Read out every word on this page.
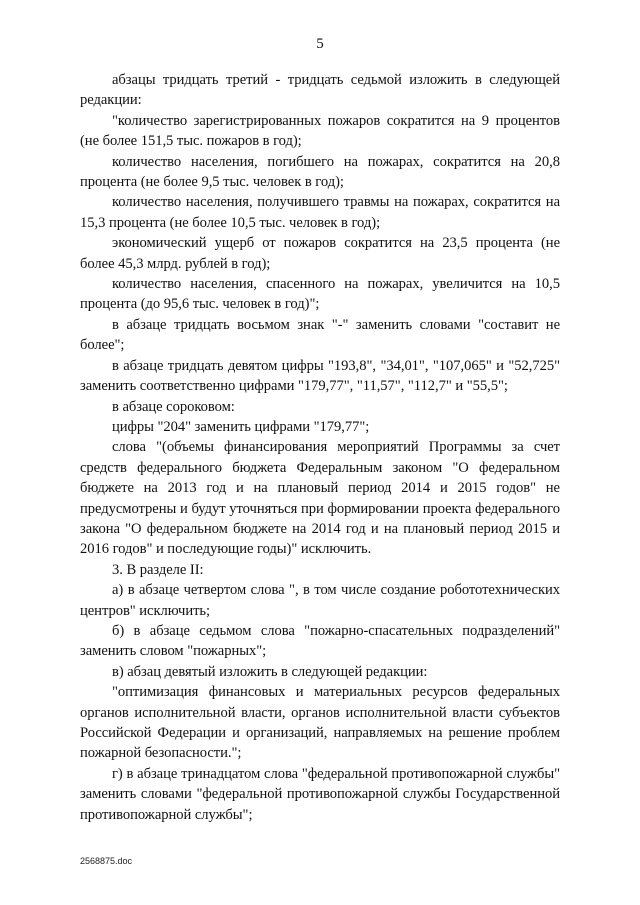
5

абзацы тридцать третий - тридцать седьмой изложить в следующей редакции:

"количество зарегистрированных пожаров сократится на 9 процентов (не более 151,5 тыс. пожаров в год);

количество населения, погибшего на пожарах, сократится на 20,8 процента (не более 9,5 тыс. человек в год);

количество населения, получившего травмы на пожарах, сократится на 15,3 процента (не более 10,5 тыс. человек в год);

экономический ущерб от пожаров сократится на 23,5 процента (не более 45,3 млрд. рублей в год);

количество населения, спасенного на пожарах, увеличится на 10,5 процента (до 95,6 тыс. человек в год)";

в абзаце тридцать восьмом знак "-" заменить словами "составит не более";

в абзаце тридцать девятом цифры "193,8", "34,01", "107,065" и "52,725" заменить соответственно цифрами "179,77", "11,57", "112,7" и "55,5";

в абзаце сороковом:

цифры "204" заменить цифрами "179,77";

слова "(объемы финансирования мероприятий Программы за счет средств федерального бюджета Федеральным законом "О федеральном бюджете на 2013 год и на плановый период 2014 и 2015 годов" не предусмотрены и будут уточняться при формировании проекта федерального закона "О федеральном бюджете на 2014 год и на плановый период 2015 и 2016 годов" и последующие годы)" исключить.

3. В разделе II:

а) в абзаце четвертом слова ", в том числе создание робототехнических центров" исключить;

б) в абзаце седьмом слова "пожарно-спасательных подразделений" заменить словом "пожарных";

в) абзац девятый изложить в следующей редакции:

"оптимизация финансовых и материальных ресурсов федеральных органов исполнительной власти, органов исполнительной власти субъектов Российской Федерации и организаций, направляемых на решение проблем пожарной безопасности.";

г) в абзаце тринадцатом слова "федеральной противопожарной службы" заменить словами "федеральной противопожарной службы Государственной противопожарной службы";

2568875.doc
